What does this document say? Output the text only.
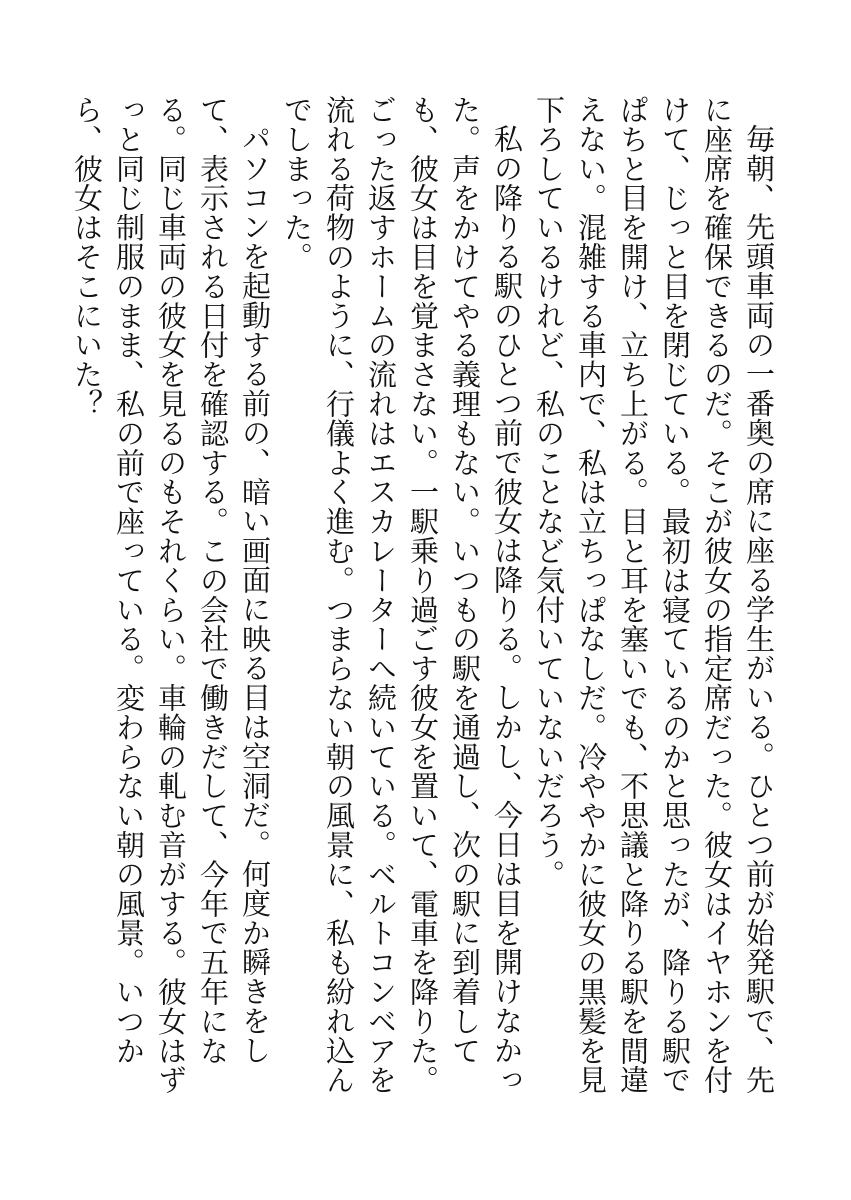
毎朝、先頭車両の一番奥の席に座る学生がいる。ひとつ前が始発駅で、先に座席を確保できるのだ。そこが彼女の指定席だった。彼女はイヤホンを付けて、じっと目を閉じている。最初は寝ているのかと思ったが、降りる駅でぱちと目を開け、立ち上がる。目と耳を塞いでも、不思議と降りる駅を間違えない。混雑する車内で、私は立ちっぱなしだ。冷ややかに彼女の黒髪を見下ろしているけれど、私のことなど気付いていないだろう。

私の降りる駅のひとつ前で彼女は降りる。しかし、今日は目を開けなかった。声をかけてやる義理もない。いつもの駅を通過し、次の駅に到着しても、彼女は目を覚まさない。一駅乗り過ごす彼女を置いて、電車を降りた。ごった返すホームの流れはエスカレーターへ続いている。ベルトコンベアを流れる荷物のように、行儀よく進む。つまらない朝の風景に、私も紛れ込んでしまった。

パソコンを起動する前の、暗い画面に映る目は空洞だ。何度か瞬きをして、表示される日付を確認する。この会社で働きだして、今年で五年になる。同じ車両の彼女を見るのもそれくらい。車輪の軋む音がする。彼女はずっと同じ制服のまま、私の前で座っている。変わらない朝の風景。いつから、彼女はそこにいた？
